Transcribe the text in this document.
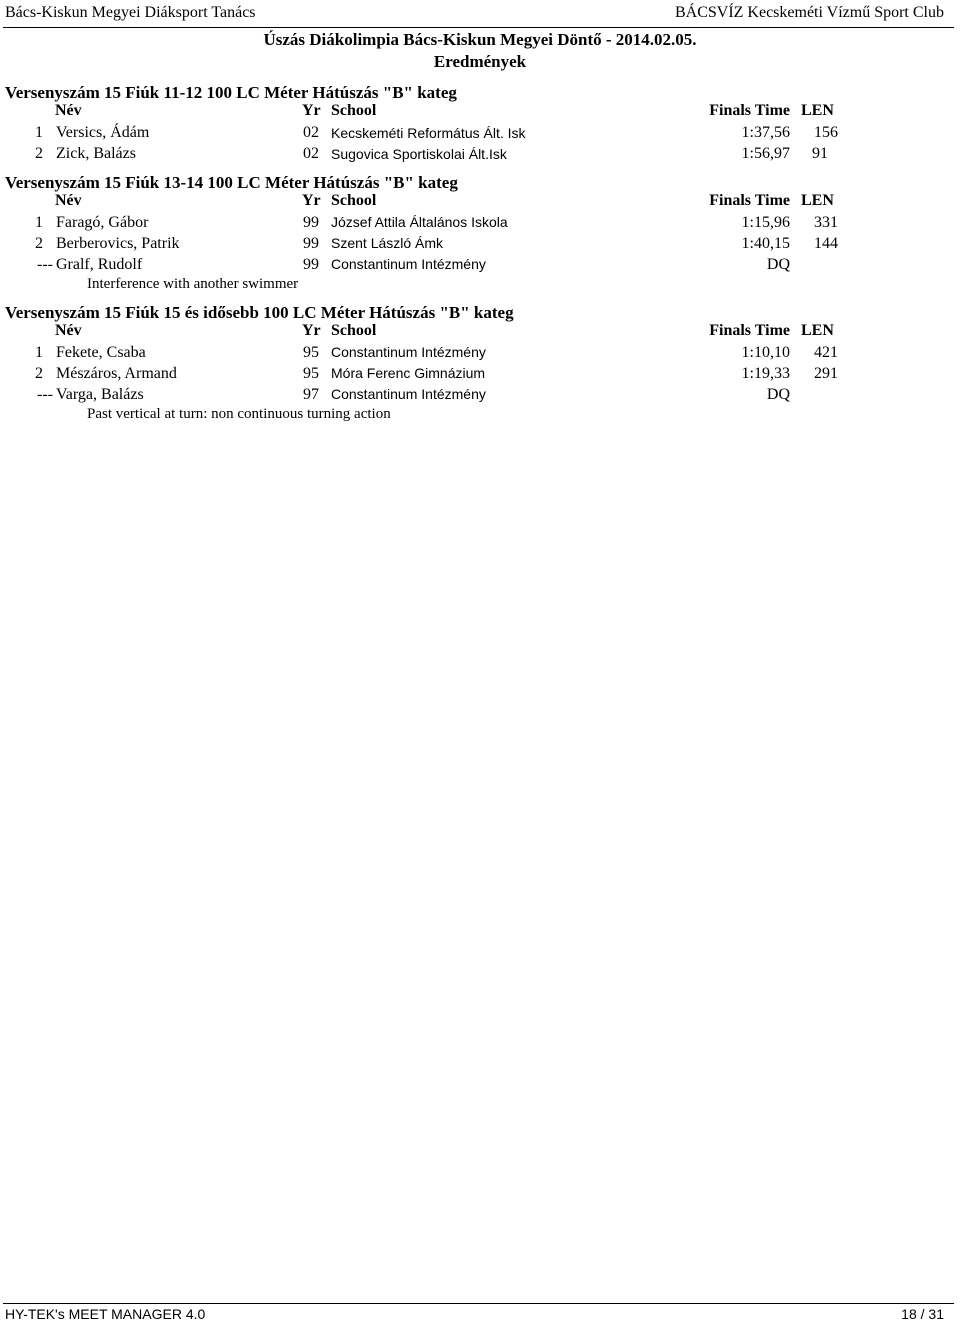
Bács-Kiskun Megyei Diáksport Tanács	BÁCSVÍZ Kecskeméti Vízmű Sport Club
Úszás Diákolimpia Bács-Kiskun Megyei Döntő - 2014.02.05.
Eredmények
Versenyszám 15 Fiúk 11-12 100 LC Méter Hátúszás "B" kateg
Név	Yr School	Finals Time LEN
1 Versics, Ádám	02 Kecskeméti Református Ált. Isk	1:37,56 156
2 Zick, Balázs	02 Sugovica Sportiskolai Ált.Isk	1:56,97 91
Versenyszám 15 Fiúk 13-14 100 LC Méter Hátúszás "B" kateg
Név	Yr School	Finals Time LEN
1 Faragó, Gábor	99 József Attila Általános Iskola	1:15,96 331
2 Berberovics, Patrik	99 Szent László Ámk	1:40,15 144
--- Gralf, Rudolf	99 Constantinum Intézmény	DQ
Interference with another swimmer
Versenyszám 15 Fiúk 15 és idősebb 100 LC Méter Hátúszás "B" kateg
Név	Yr School	Finals Time LEN
1 Fekete, Csaba	95 Constantinum Intézmény	1:10,10 421
2 Mészáros, Armand	95 Móra Ferenc Gimnázium	1:19,33 291
--- Varga, Balázs	97 Constantinum Intézmény	DQ
Past vertical at turn: non continuous turning action
HY-TEK's MEET MANAGER 4.0	18 / 31
